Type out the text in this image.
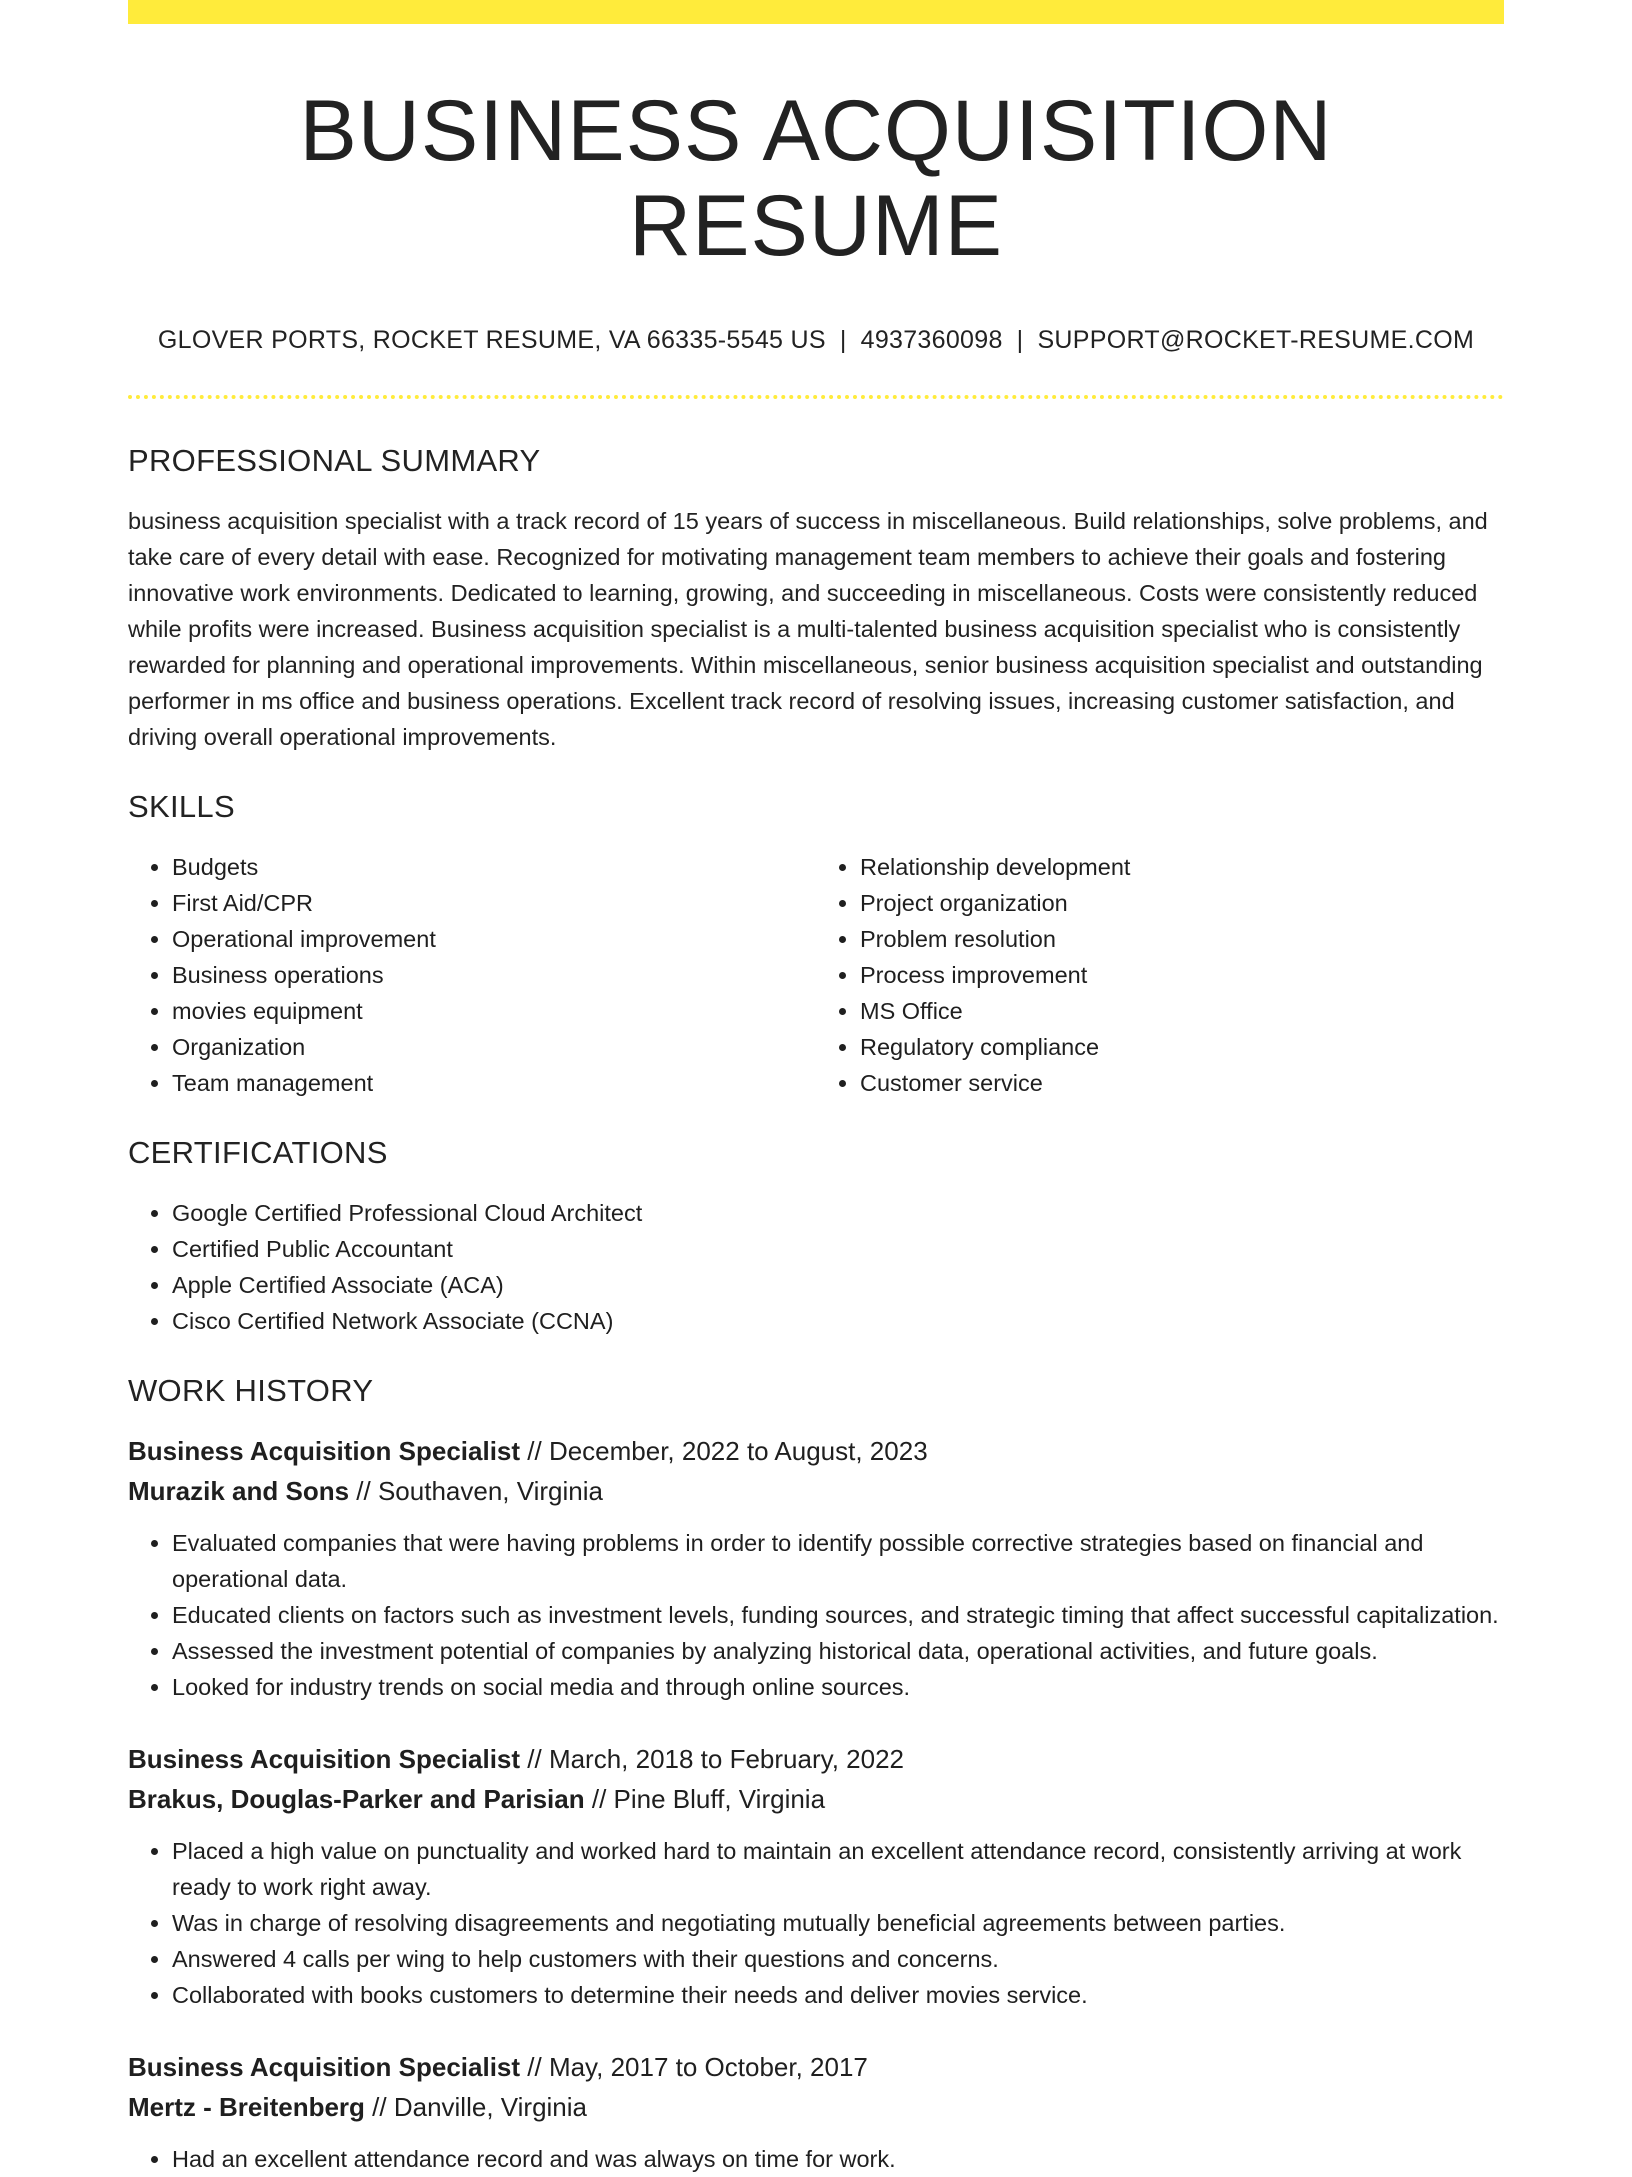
BUSINESS ACQUISITION RESUME
GLOVER PORTS, ROCKET RESUME, VA 66335-5545 US | 4937360098 | SUPPORT@ROCKET-RESUME.COM
PROFESSIONAL SUMMARY
business acquisition specialist with a track record of 15 years of success in miscellaneous. Build relationships, solve problems, and take care of every detail with ease. Recognized for motivating management team members to achieve their goals and fostering innovative work environments. Dedicated to learning, growing, and succeeding in miscellaneous. Costs were consistently reduced while profits were increased. Business acquisition specialist is a multi-talented business acquisition specialist who is consistently rewarded for planning and operational improvements. Within miscellaneous, senior business acquisition specialist and outstanding performer in ms office and business operations. Excellent track record of resolving issues, increasing customer satisfaction, and driving overall operational improvements.
SKILLS
• Budgets
• First Aid/CPR
• Operational improvement
• Business operations
• movies equipment
• Organization
• Team management
• Relationship development
• Project organization
• Problem resolution
• Process improvement
• MS Office
• Regulatory compliance
• Customer service
CERTIFICATIONS
• Google Certified Professional Cloud Architect
• Certified Public Accountant
• Apple Certified Associate (ACA)
• Cisco Certified Network Associate (CCNA)
WORK HISTORY
Business Acquisition Specialist // December, 2022 to August, 2023
Murazik and Sons // Southaven, Virginia
• Evaluated companies that were having problems in order to identify possible corrective strategies based on financial and operational data.
• Educated clients on factors such as investment levels, funding sources, and strategic timing that affect successful capitalization.
• Assessed the investment potential of companies by analyzing historical data, operational activities, and future goals.
• Looked for industry trends on social media and through online sources.
Business Acquisition Specialist // March, 2018 to February, 2022
Brakus, Douglas-Parker and Parisian // Pine Bluff, Virginia
• Placed a high value on punctuality and worked hard to maintain an excellent attendance record, consistently arriving at work ready to work right away.
• Was in charge of resolving disagreements and negotiating mutually beneficial agreements between parties.
• Answered 4 calls per wing to help customers with their questions and concerns.
• Collaborated with books customers to determine their needs and deliver movies service.
Business Acquisition Specialist // May, 2017 to October, 2017
Mertz - Breitenberg // Danville, Virginia
• Had an excellent attendance record and was always on time for work.
